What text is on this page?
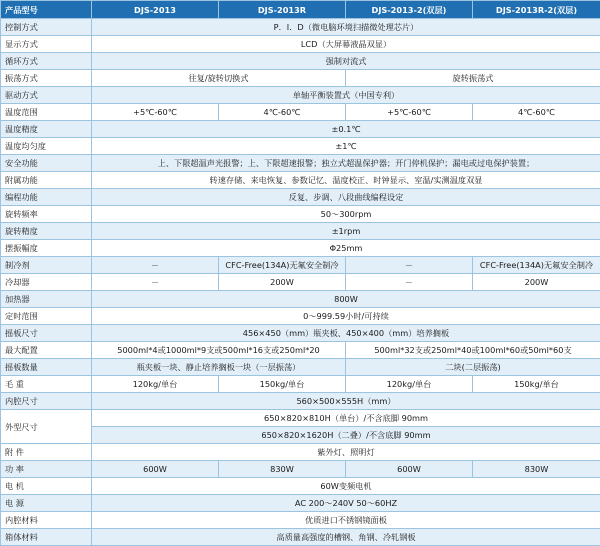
产品型号	DJS-2013	DJS-2013R	DJS-2013-2(双层)	DJS-2013R-2(双层)
控制方式	P．I．D（微电脑环境扫描微处理芯片）			
显示方式	LCD（大屏幕液晶双显）			
循环方式	强制对流式			
振荡方式	往复/旋转切换式		旋转振荡式	
驱动方式	单轴平衡装置式（中国专利）			
温度范围	+5℃-60℃	4℃-60℃	+5℃-60℃	4℃-60℃
温度精度	±0.1℃			
温度均匀度	±1℃			
安全功能	上、下限超温声光报警；上、下限超速报警；独立式超温保护器；开门停机保护；漏电或过电保护装置；			
附属功能	转速存储、来电恢复、参数记忆、温度校正、时钟显示、室温/实测温度双显			
编程功能	反复、步调、八段曲线编程设定			
旋转频率	50～300rpm			
旋转精度	±1rpm			
摆振幅度	Φ25mm			
制冷剂	－	CFC-Free(134A)无氟安全制冷	－	CFC-Free(134A)无氟安全制冷
冷却器	－	200W	－	200W
加热器	800W			
定时范围	0～999.59小时/可持续			
摇板尺寸	456×450（mm）瓶夹板、450×400（mm）培养搁板			
最大配置	5000ml*4或1000ml*9支或500ml*16支或250ml*20		500ml*32支或250ml*40或100ml*60或50ml*60支	
摇板数量	瓶夹板一块、静止培养搁板一块（一层振荡）		二块(二层振荡)	
毛 重	120kg/单台	150kg/单台	120kg/单台	150kg/单台
内腔尺寸	560×500×555H（mm）			
外型尺寸	650×820×810H（单台）/不含底脚 90mm			
	650×820×1620H（二叠）/不含底脚 90mm			
附 件	紫外灯、照明灯			
功 率	600W	830W	600W	830W
电 机	60W变频电机			
电 源	AC 200～240V 50～60HZ			
内腔材料	优质进口不锈钢镜面板			
箱体材料	高质量高强度的槽钢、角钢、冷轧钢板			
